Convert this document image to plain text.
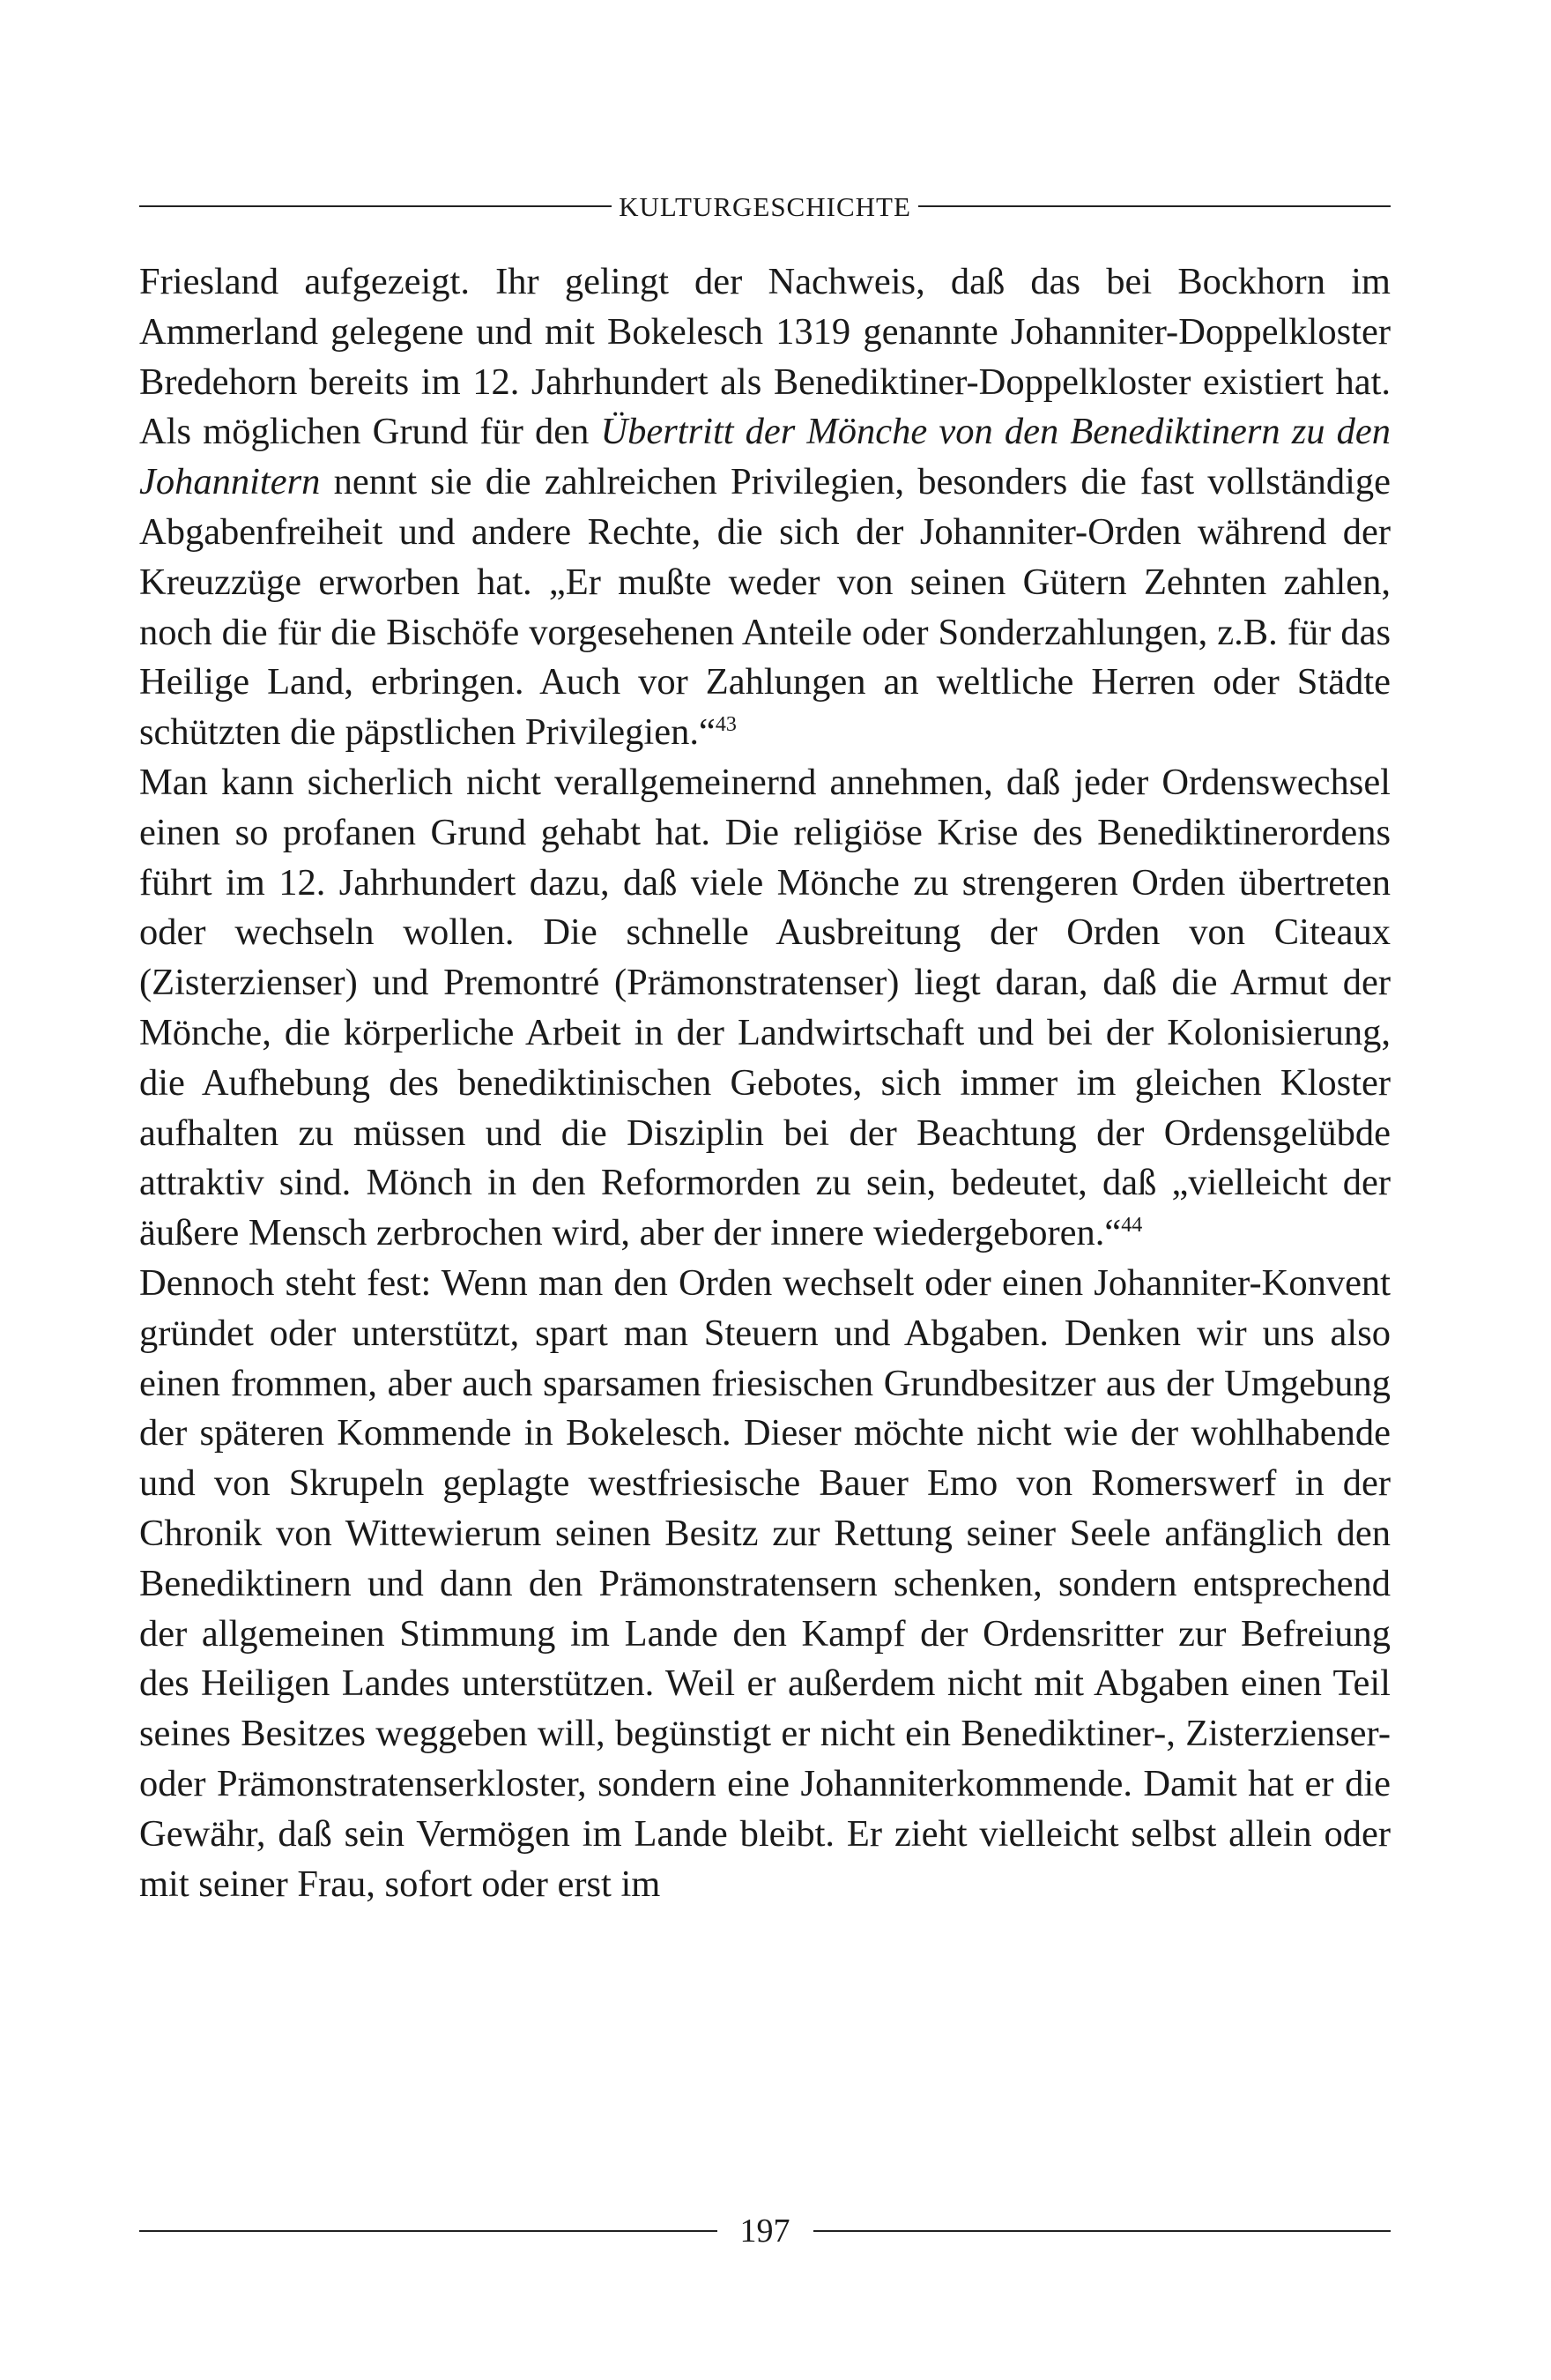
KULTURGESCHICHTE

Friesland aufgezeigt. Ihr gelingt der Nachweis, daß das bei Bockhorn im Ammerland gelegene und mit Bokelesch 1319 genannte Johanniter-Doppelkloster Bredehorn bereits im 12. Jahrhundert als Benediktiner-Doppelkloster existiert hat. Als möglichen Grund für den Übertritt der Mönche von den Benediktinern zu den Johannitern nennt sie die zahlreichen Privilegien, besonders die fast vollständige Abgabenfreiheit und andere Rechte, die sich der Johanniter-Orden während der Kreuzzüge erworben hat. „Er mußte weder von seinen Gütern Zehnten zahlen, noch die für die Bischöfe vorgesehenen Anteile oder Sonderzahlungen, z.B. für das Heilige Land, erbringen. Auch vor Zahlungen an weltliche Herren oder Städte schützten die päpstlichen Privilegien.“$^{43}$

Man kann sicherlich nicht verallgemeinernd annehmen, daß jeder Ordenswechsel einen so profanen Grund gehabt hat. Die religiöse Krise des Benediktinerordens führt im 12. Jahrhundert dazu, daß viele Mönche zu strengeren Orden übertreten oder wechseln wollen. Die schnelle Ausbreitung der Orden von Citeaux (Zisterzienser) und Premontré (Prämonstratenser) liegt daran, daß die Armut der Mönche, die körperliche Arbeit in der Landwirtschaft und bei der Kolonisierung, die Aufhebung des benediktinischen Gebotes, sich immer im gleichen Kloster aufhalten zu müssen und die Disziplin bei der Beachtung der Ordensgelübde attraktiv sind. Mönch in den Reformorden zu sein, bedeutet, daß „vielleicht der äußere Mensch zerbrochen wird, aber der innere wiedergeboren.“$^{44}$

Dennoch steht fest: Wenn man den Orden wechselt oder einen Johanniter-Konvent gründet oder unterstützt, spart man Steuern und Abgaben. Denken wir uns also einen frommen, aber auch sparsamen friesischen Grundbesitzer aus der Umgebung der späteren Kommende in Bokelesch. Dieser möchte nicht wie der wohlhabende und von Skrupeln geplagte westfriesische Bauer Emo von Romerswerf in der Chronik von Wittewierum seinen Besitz zur Rettung seiner Seele anfänglich den Benediktinern und dann den Prämonstratensern schenken, sondern entsprechend der allgemeinen Stimmung im Lande den Kampf der Ordensritter zur Befreiung des Heiligen Landes unterstützen. Weil er außerdem nicht mit Abgaben einen Teil seines Besitzes weggeben will, begünstigt er nicht ein Benediktiner-, Zisterzienser- oder Prämonstratenserkloster, sondern eine Johanniterkommende. Damit hat er die Gewähr, daß sein Vermögen im Lande bleibt. Er zieht vielleicht selbst allein oder mit seiner Frau, sofort oder erst im

197
